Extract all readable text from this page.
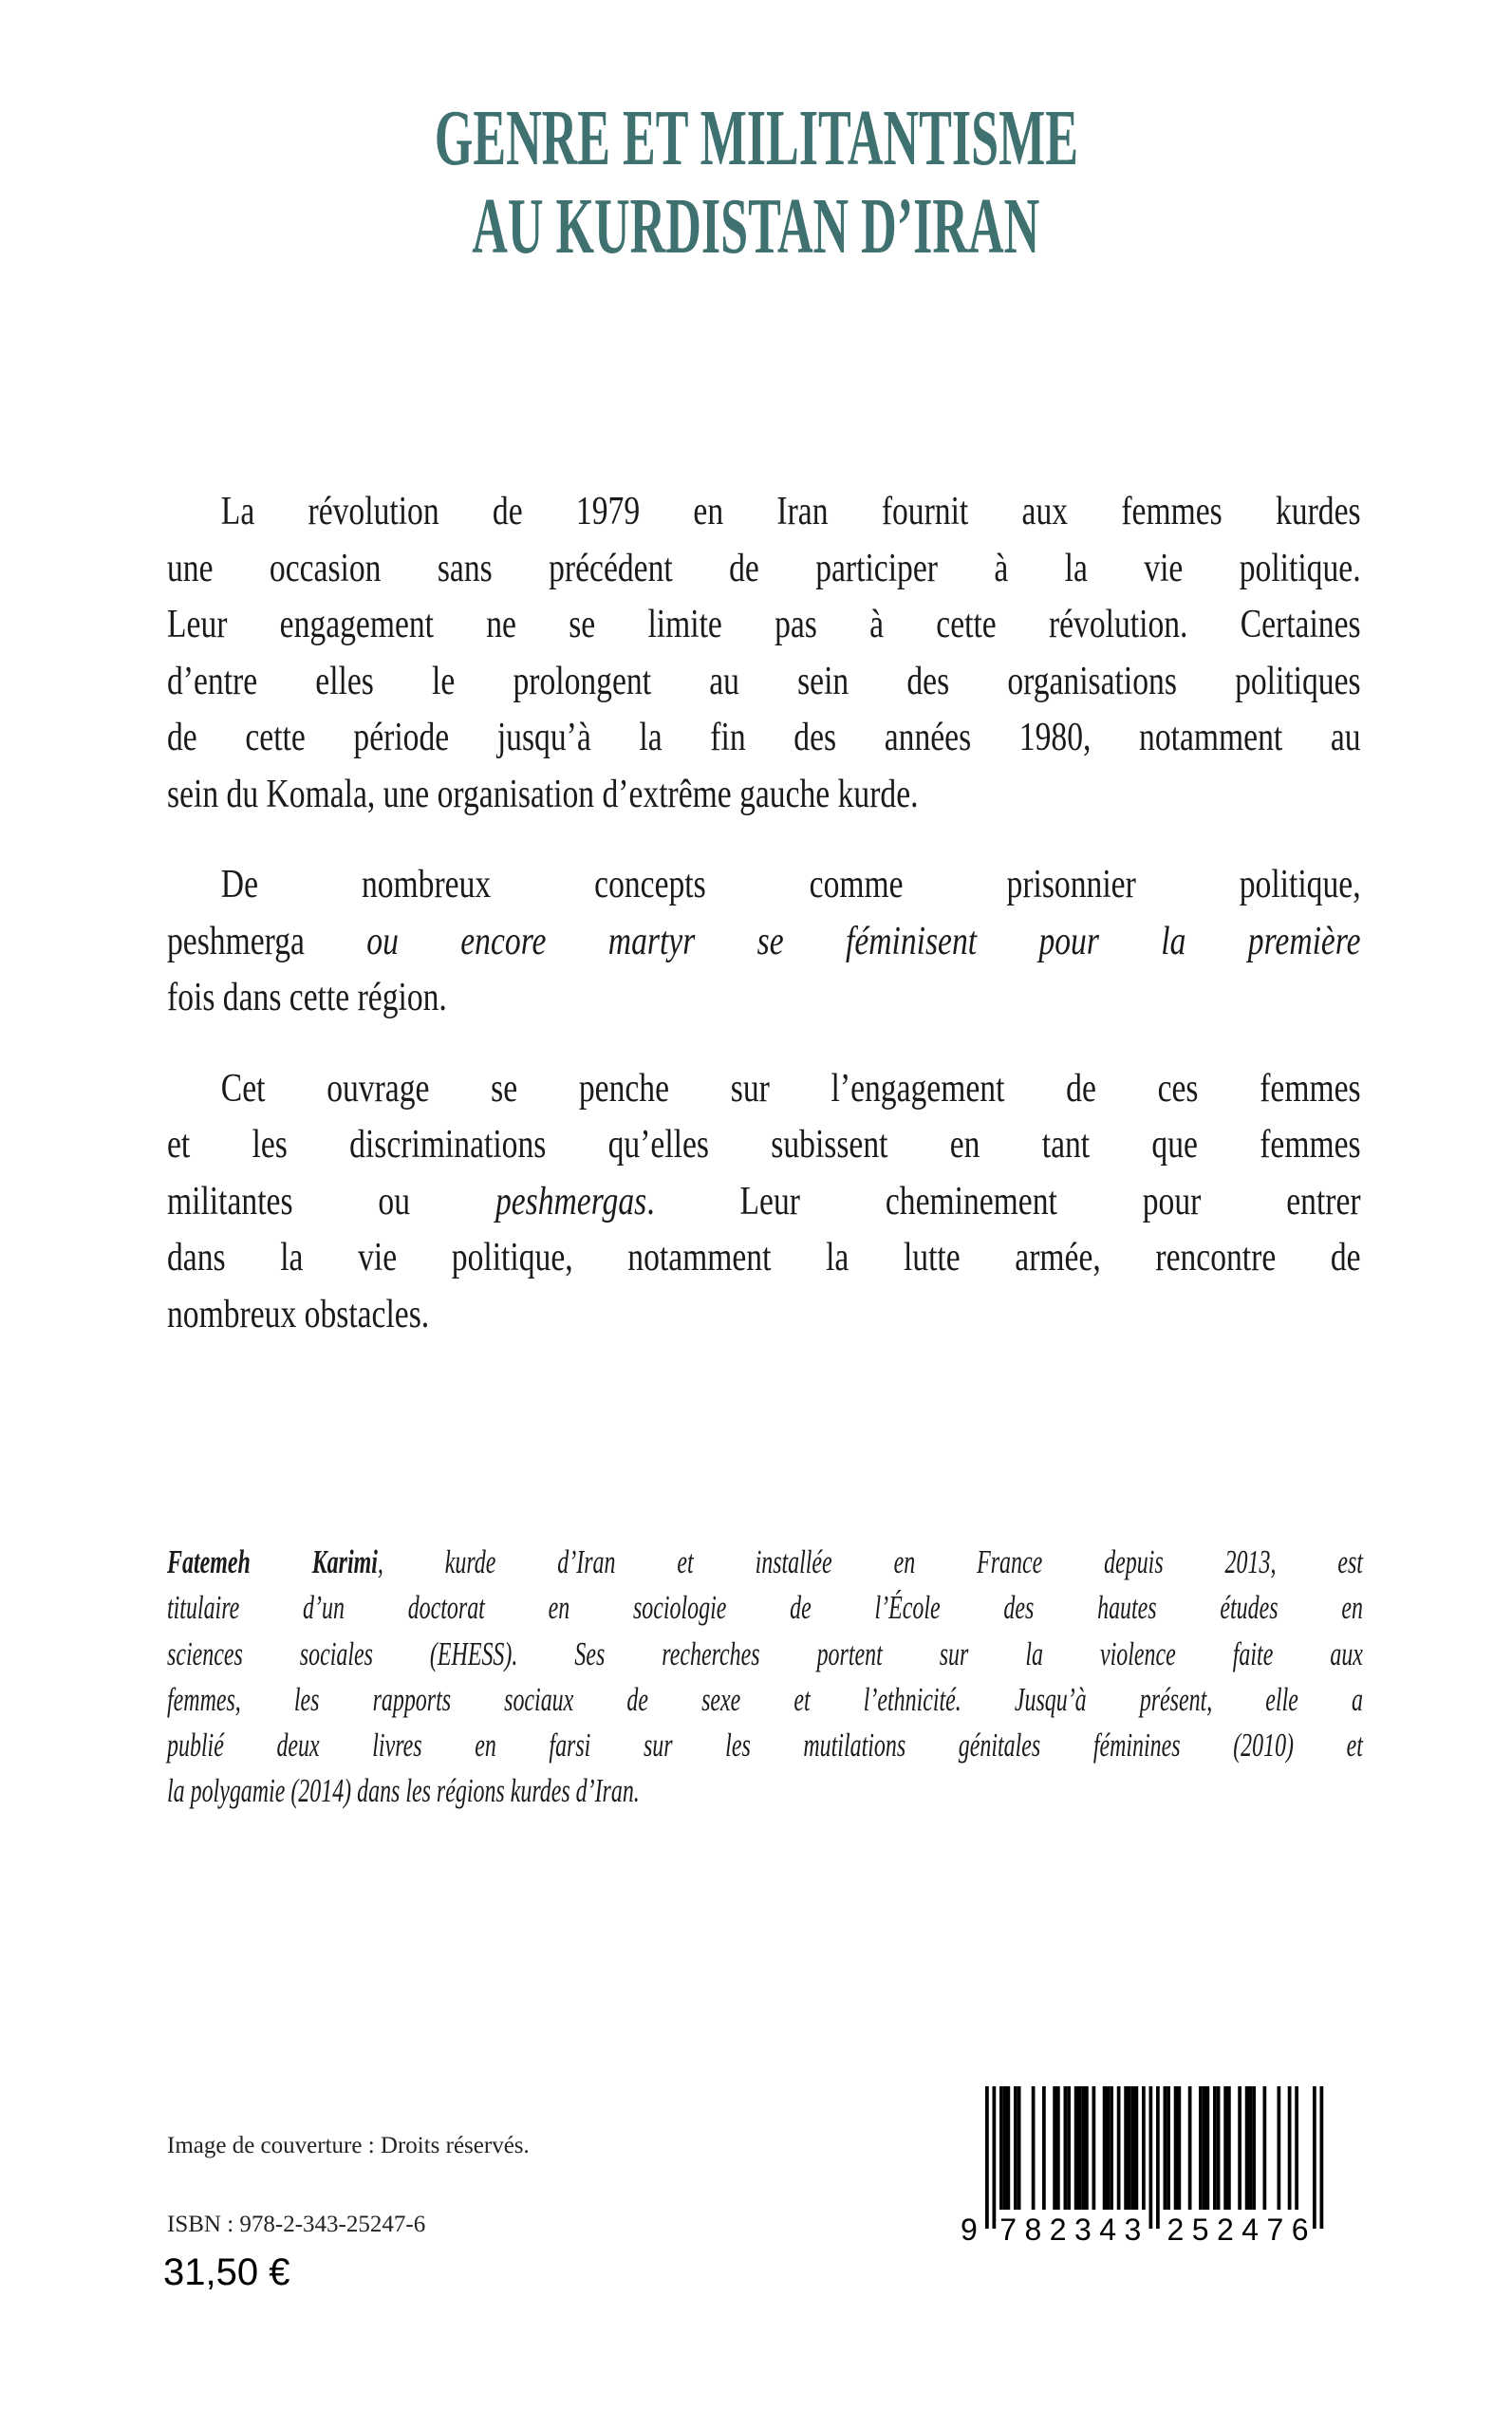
GENRE ET MILITANTISME
AU KURDISTAN D’IRAN
La révolution de 1979 en Iran fournit aux femmes kurdes
une occasion sans précédent de participer à la vie politique.
Leur engagement ne se limite pas à cette révolution. Certaines
d’entre elles le prolongent au sein des organisations politiques
de cette période jusqu’à la fin des années 1980, notamment au
sein du Komala, une organisation d’extrême gauche kurde.
De nombreux concepts comme prisonnier politique,
peshmerga ou encore martyr se féminisent pour la première
fois dans cette région.
Cet ouvrage se penche sur l’engagement de ces femmes
et les discriminations qu’elles subissent en tant que femmes
militantes ou peshmergas. Leur cheminement pour entrer
dans la vie politique, notamment la lutte armée, rencontre de
nombreux obstacles.
Fatemeh Karimi, kurde d’Iran et installée en France depuis 2013, est
titulaire d’un doctorat en sociologie de l’École des hautes études en
sciences sociales (EHESS). Ses recherches portent sur la violence faite aux
femmes, les rapports sociaux de sexe et l’ethnicité. Jusqu’à présent, elle a
publié deux livres en farsi sur les mutilations génitales féminines (2010) et
la polygamie (2014) dans les régions kurdes d’Iran.
Image de couverture : Droits réservés.
ISBN : 978-2-343-25247-6
31,50 €
9 7 8 2 3 4 3 2 5 2 4 7 6
